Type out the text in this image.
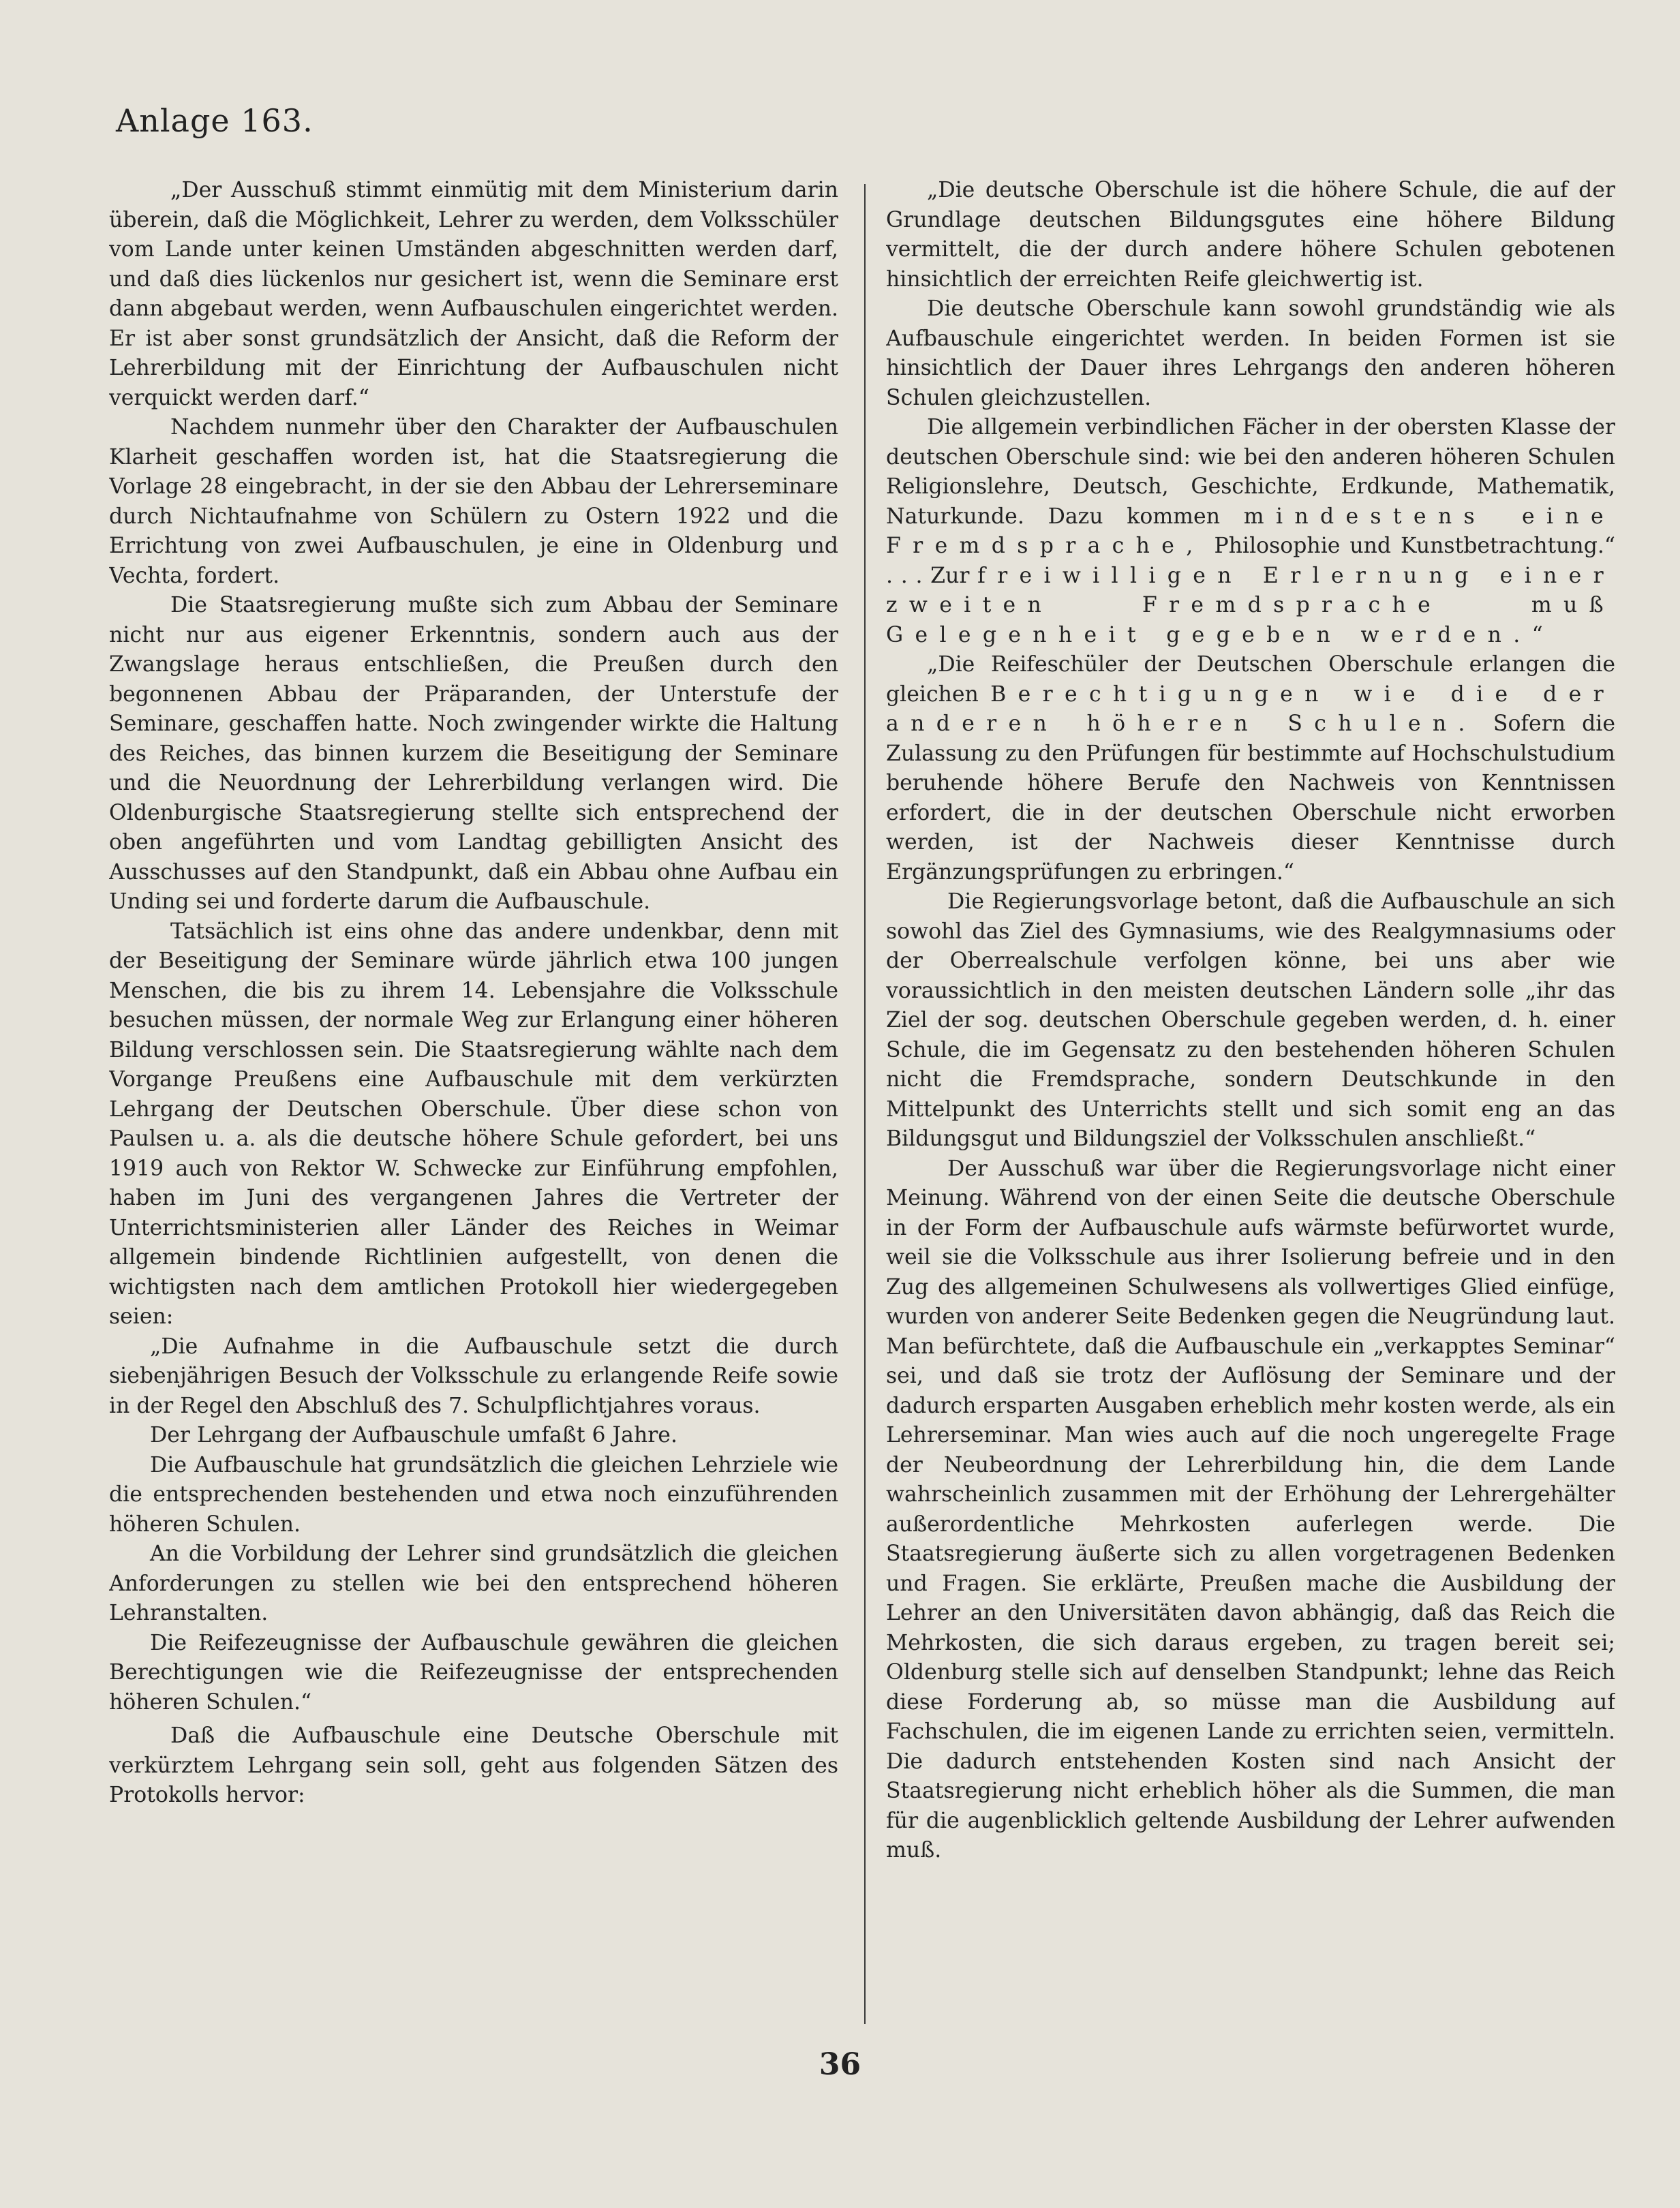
Anlage 163.

„Der Ausschuß stimmt einmütig mit dem Ministerium darin überein, daß die Möglichkeit, Lehrer zu werden, dem Volksschüler vom Lande unter keinen Umständen abgeschnitten werden darf, und daß dies lückenlos nur gesichert ist, wenn die Seminare erst dann abgebaut werden, wenn Aufbauschulen eingerichtet werden. Er ist aber sonst grundsätzlich der Ansicht, daß die Reform der Lehrerbildung mit der Einrichtung der Aufbauschulen nicht verquickt werden darf.“

Nachdem nunmehr über den Charakter der Aufbauschulen Klarheit geschaffen worden ist, hat die Staatsregierung die Vorlage 28 eingebracht, in der sie den Abbau der Lehrerseminare durch Nichtaufnahme von Schülern zu Ostern 1922 und die Errichtung von zwei Aufbauschulen, je eine in Oldenburg und Vechta, fordert.

Die Staatsregierung mußte sich zum Abbau der Seminare nicht nur aus eigener Erkenntnis, sondern auch aus der Zwangslage heraus entschließen, die Preußen durch den begonnenen Abbau der Präparanden, der Unterstufe der Seminare, geschaffen hatte. Noch zwingender wirkte die Haltung des Reiches, das binnen kurzem die Beseitigung der Seminare und die Neuordnung der Lehrerbildung verlangen wird. Die Oldenburgische Staatsregierung stellte sich entsprechend der oben angeführten und vom Landtag gebilligten Ansicht des Ausschusses auf den Standpunkt, daß ein Abbau ohne Aufbau ein Unding sei und forderte darum die Aufbauschule.

Tatsächlich ist eins ohne das andere undenkbar, denn mit der Beseitigung der Seminare würde jährlich etwa 100 jungen Menschen, die bis zu ihrem 14. Lebensjahre die Volksschule besuchen müssen, der normale Weg zur Erlangung einer höheren Bildung verschlossen sein. Die Staatsregierung wählte nach dem Vorgange Preußens eine Aufbauschule mit dem verkürzten Lehrgang der Deutschen Oberschule. Über diese schon von Paulsen u. a. als die deutsche höhere Schule gefordert, bei uns 1919 auch von Rektor W. Schwecke zur Einführung empfohlen, haben im Juni des vergangenen Jahres die Vertreter der Unterrichtsministerien aller Länder des Reiches in Weimar allgemein bindende Richtlinien aufgestellt, von denen die wichtigsten nach dem amtlichen Protokoll hier wiedergegeben seien:

„Die Aufnahme in die Aufbauschule setzt die durch siebenjährigen Besuch der Volksschule zu erlangende Reife sowie in der Regel den Abschluß des 7. Schulpflichtjahres voraus.

Der Lehrgang der Aufbauschule umfaßt 6 Jahre.

Die Aufbauschule hat grundsätzlich die gleichen Lehrziele wie die entsprechenden bestehenden und etwa noch einzuführenden höheren Schulen.

An die Vorbildung der Lehrer sind grundsätzlich die gleichen Anforderungen zu stellen wie bei den entsprechend höheren Lehranstalten.

Die Reifezeugnisse der Aufbauschule gewähren die gleichen Berechtigungen wie die Reifezeugnisse der entsprechenden höheren Schulen.“

Daß die Aufbauschule eine Deutsche Oberschule mit verkürztem Lehrgang sein soll, geht aus folgenden Sätzen des Protokolls hervor:

„Die deutsche Oberschule ist die höhere Schule, die auf der Grundlage deutschen Bildungsgutes eine höhere Bildung vermittelt, die der durch andere höhere Schulen gebotenen hinsichtlich der erreichten Reife gleichwertig ist.

Die deutsche Oberschule kann sowohl grundständig wie als Aufbauschule eingerichtet werden. In beiden Formen ist sie hinsichtlich der Dauer ihres Lehrgangs den anderen höheren Schulen gleichzustellen.

Die allgemein verbindlichen Fächer in der obersten Klasse der deutschen Oberschule sind: wie bei den anderen höheren Schulen Religionslehre, Deutsch, Geschichte, Erdkunde, Mathematik, Naturkunde. Dazu kommen mindestens eine Fremdsprache, Philosophie und Kunstbetrachtung.“ . . . Zur freiwilligen Erlernung einer zweiten Fremdsprache muß Gelegenheit gegeben werden.“

„Die Reifeschüler der Deutschen Oberschule erlangen die gleichen Berechtigungen wie die der anderen höheren Schulen. Sofern die Zulassung zu den Prüfungen für bestimmte auf Hochschulstudium beruhende höhere Berufe den Nachweis von Kenntnissen erfordert, die in der deutschen Oberschule nicht erworben werden, ist der Nachweis dieser Kenntnisse durch Ergänzungsprüfungen zu erbringen.“

Die Regierungsvorlage betont, daß die Aufbauschule an sich sowohl das Ziel des Gymnasiums, wie des Realgymnasiums oder der Oberrealschule verfolgen könne, bei uns aber wie voraussichtlich in den meisten deutschen Ländern solle „ihr das Ziel der sog. deutschen Oberschule gegeben werden, d. h. einer Schule, die im Gegensatz zu den bestehenden höheren Schulen nicht die Fremdsprache, sondern Deutschkunde in den Mittelpunkt des Unterrichts stellt und sich somit eng an das Bildungsgut und Bildungsziel der Volksschulen anschließt.“

Der Ausschuß war über die Regierungsvorlage nicht einer Meinung. Während von der einen Seite die deutsche Oberschule in der Form der Aufbauschule aufs wärmste befürwortet wurde, weil sie die Volksschule aus ihrer Isolierung befreie und in den Zug des allgemeinen Schulwesens als vollwertiges Glied einfüge, wurden von anderer Seite Bedenken gegen die Neugründung laut. Man befürchtete, daß die Aufbauschule ein „verkapptes Seminar“ sei, und daß sie trotz der Auflösung der Seminare und der dadurch ersparten Ausgaben erheblich mehr kosten werde, als ein Lehrerseminar. Man wies auch auf die noch ungeregelte Frage der Neubeordnung der Lehrerbildung hin, die dem Lande wahrscheinlich zusammen mit der Erhöhung der Lehrergehälter außerordentliche Mehrkosten auferlegen werde. Die Staatsregierung äußerte sich zu allen vorgetragenen Bedenken und Fragen. Sie erklärte, Preußen mache die Ausbildung der Lehrer an den Universitäten davon abhängig, daß das Reich die Mehrkosten, die sich daraus ergeben, zu tragen bereit sei; Oldenburg stelle sich auf denselben Standpunkt; lehne das Reich diese Forderung ab, so müsse man die Ausbildung auf Fachschulen, die im eigenen Lande zu errichten seien, vermitteln. Die dadurch entstehenden Kosten sind nach Ansicht der Staatsregierung nicht erheblich höher als die Summen, die man für die augenblicklich geltende Ausbildung der Lehrer aufwenden muß.

36
